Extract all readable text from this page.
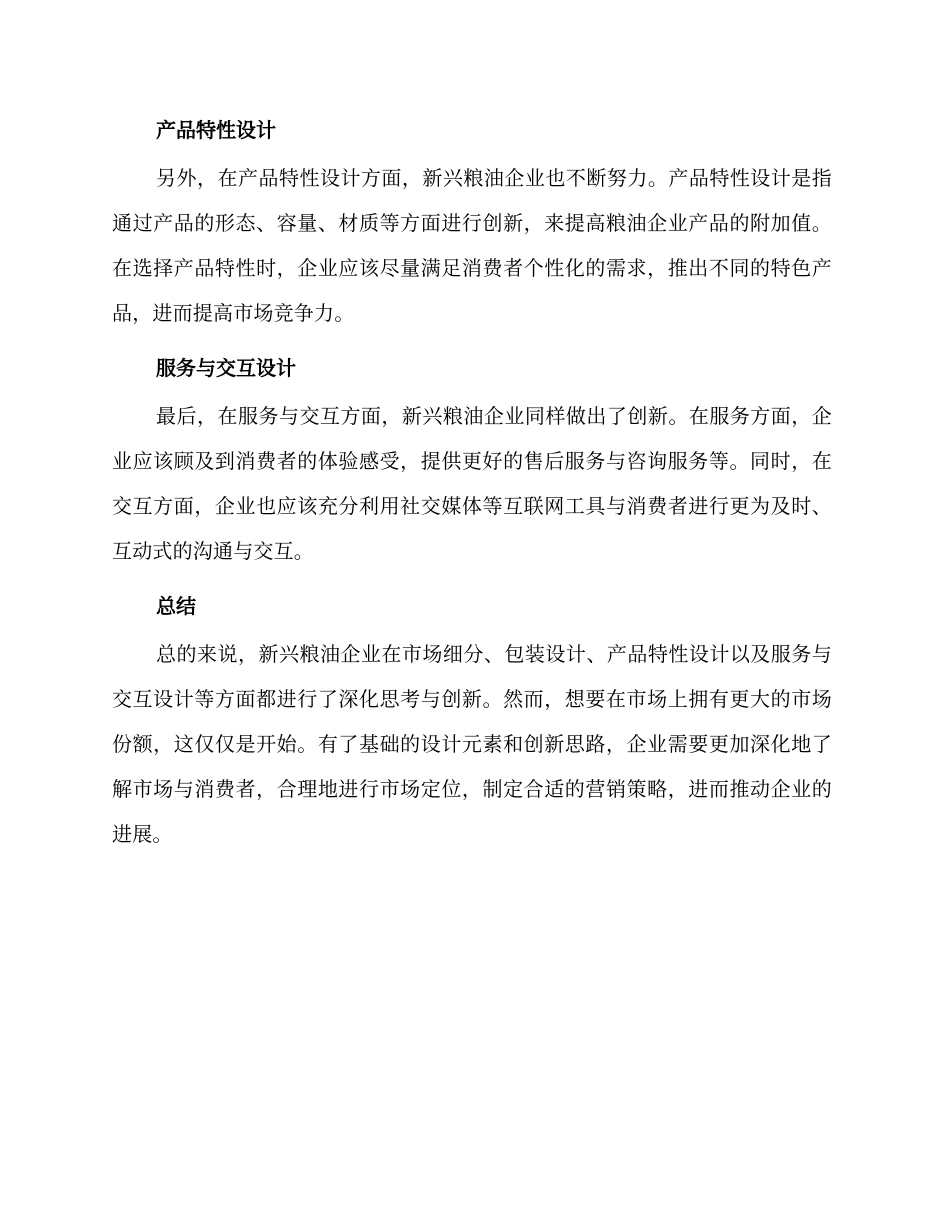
产品特性设计

另外，在产品特性设计方面，新兴粮油企业也不断努力。产品特性设计是指通过产品的形态、容量、材质等方面进行创新，来提高粮油企业产品的附加值。在选择产品特性时，企业应该尽量满足消费者个性化的需求，推出不同的特色产品，进而提高市场竞争力。

服务与交互设计

最后，在服务与交互方面，新兴粮油企业同样做出了创新。在服务方面，企业应该顾及到消费者的体验感受，提供更好的售后服务与咨询服务等。同时，在交互方面，企业也应该充分利用社交媒体等互联网工具与消费者进行更为及时、互动式的沟通与交互。

总结

总的来说，新兴粮油企业在市场细分、包装设计、产品特性设计以及服务与交互设计等方面都进行了深化思考与创新。然而，想要在市场上拥有更大的市场份额，这仅仅是开始。有了基础的设计元素和创新思路，企业需要更加深化地了解市场与消费者，合理地进行市场定位，制定合适的营销策略，进而推动企业的进展。
